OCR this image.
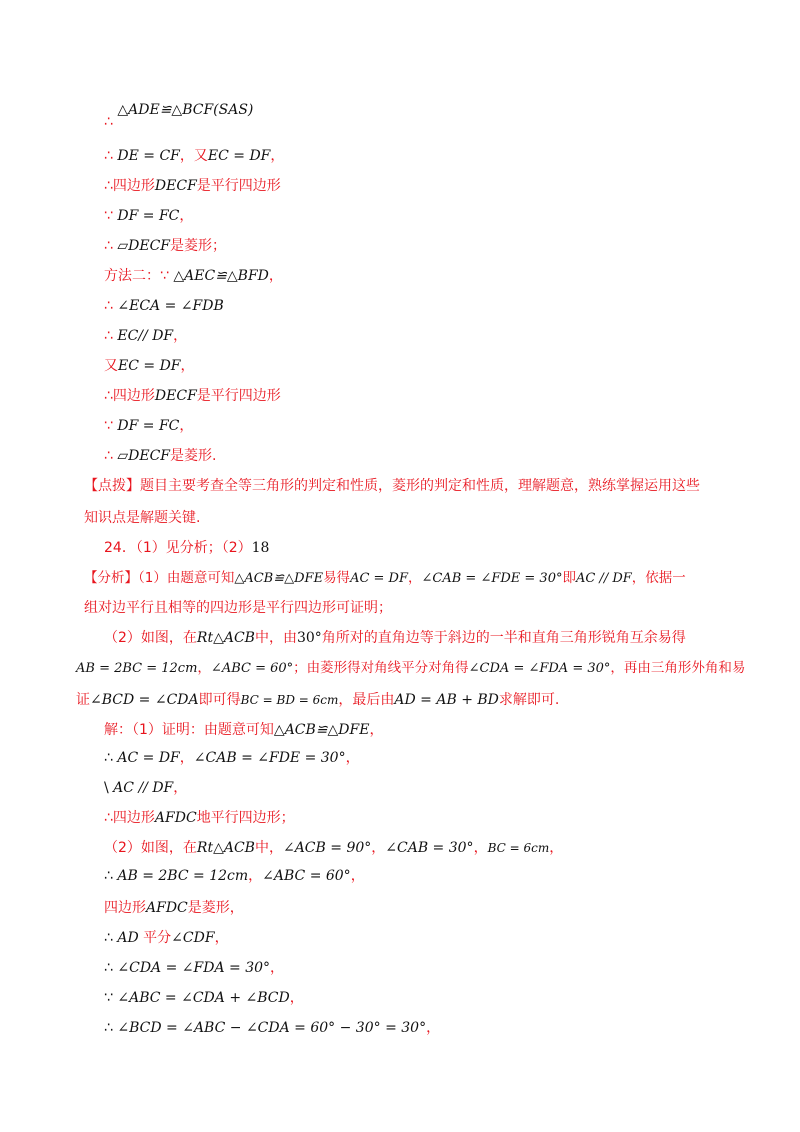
∴ △ADE≌△BCF(SAS)
∴ DE = CF，又EC = DF，
∴四边形DECF是平行四边形
∵ DF = FC，
∴ ▱DECF是菱形；
方法二：∵ △AEC≌△BFD，
∴ ∠ECA = ∠FDB
∴ EC// DF，
又EC = DF，
∴四边形DECF是平行四边形
∵ DF = FC，
∴ ▱DECF是菱形.
【点拨】题目主要考查全等三角形的判定和性质，菱形的判定和性质，理解题意，熟练掌握运用这些
知识点是解题关键.
24．（1）见分析；（2）18
【分析】（1）由题意可知△ACB≌△DFE易得AC = DF，∠CAB = ∠FDE = 30°即AC // DF，依据一
组对边平行且相等的四边形是平行四边形可证明；
（2）如图，在Rt△ACB中，由30°角所对的直角边等于斜边的一半和直角三角形锐角互余易得
AB = 2BC = 12cm，∠ABC = 60°；由菱形得对角线平分对角得∠CDA = ∠FDA = 30°，再由三角形外角和易
证∠BCD = ∠CDA即可得BC = BD = 6cm，最后由AD = AB + BD求解即可.
解：（1）证明：由题意可知△ACB≌△DFE，
∴ AC = DF，∠CAB = ∠FDE = 30°，
\ AC // DF，
∴四边形AFDC地平行四边形；
（2）如图，在Rt△ACB中，∠ACB = 90°，∠CAB = 30°，BC = 6cm，
∴ AB = 2BC = 12cm，∠ABC = 60°，
四边形AFDC是菱形，
∴ AD 平分∠CDF，
∴ ∠CDA = ∠FDA = 30°，
∵ ∠ABC = ∠CDA + ∠BCD，
∴ ∠BCD = ∠ABC − ∠CDA = 60° − 30° = 30°，
